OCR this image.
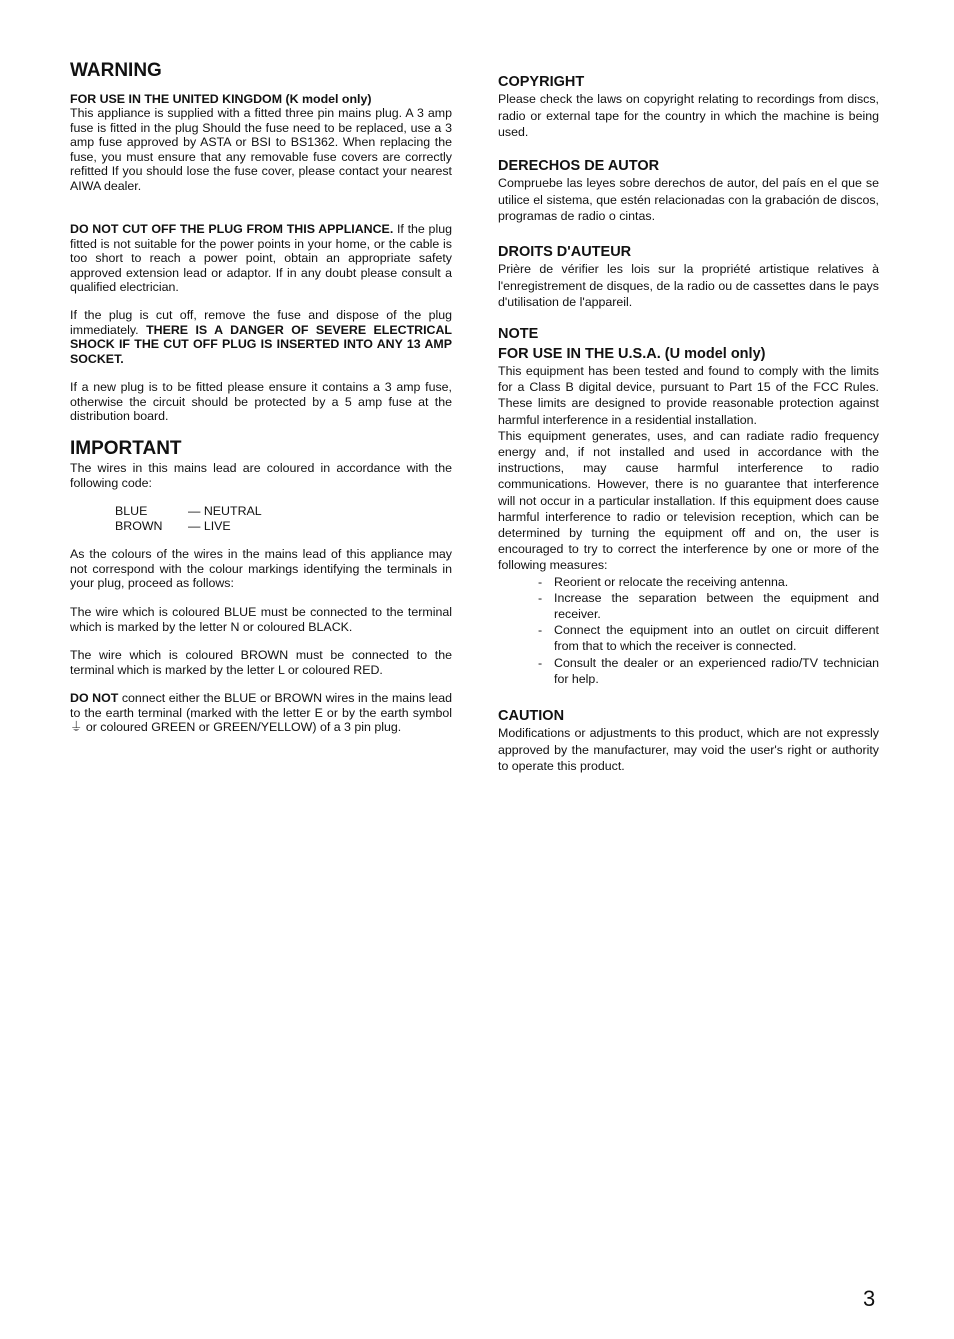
WARNING
FOR USE IN THE UNITED KINGDOM (K model only)

This appliance is supplied with a fitted three pin mains plug. A 3 amp fuse is fitted in the plug Should the fuse need to be replaced, use a 3 amp fuse approved by ASTA or BSI to BS1362. When replacing the fuse, you must ensure that any removable fuse covers are correctly refitted If you should lose the fuse cover, please contact your nearest AIWA dealer.

DO NOT CUT OFF THE PLUG FROM THIS APPLIANCE. If the plug fitted is not suitable for the power points in your home, or the cable is too short to reach a power point, obtain an appropriate safety approved extension lead or adaptor. If in any doubt please consult a qualified electrician.

If the plug is cut off, remove the fuse and dispose of the plug immediately. THERE IS A DANGER OF SEVERE ELECTRICAL SHOCK IF THE CUT OFF PLUG IS INSERTED INTO ANY 13 AMP SOCKET.

If a new plug is to be fitted please ensure it contains a 3 amp fuse, otherwise the circuit should be protected by a 5 amp fuse at the distribution board.

IMPORTANT

The wires in this mains lead are coloured in accordance with the following code:

BLUE	— NEUTRAL
BROWN — LIVE

As the colours of the wires in the mains lead of this appliance may not correspond with the colour markings identifying the terminals in your plug, proceed as follows:

The wire which is coloured BLUE must be connected to the terminal which is marked by the letter N or coloured BLACK.

The wire which is coloured BROWN must be connected to the terminal which is marked by the letter L or coloured RED.

DO NOT connect either the BLUE or BROWN wires in the mains lead to the earth terminal (marked with the letter E or by the earth symbol ⏚ or coloured GREEN or GREEN/YELLOW) of a 3 pin plug.

COPYRIGHT

Please check the laws on copyright relating to recordings from discs, radio or external tape for the country in which the machine is being used.

DERECHOS DE AUTOR

Compruebe las leyes sobre derechos de autor, del país en el que se utilice el sistema, que estén relacionadas con la grabación de discos, programas de radio o cintas.

DROITS D'AUTEUR

Prière de vérifier les lois sur la propriété artistique relatives à l'enregistrement de disques, de la radio ou de cassettes dans le pays d'utilisation de l'appareil.

NOTE
FOR USE IN THE U.S.A. (U model only)

This equipment has been tested and found to comply with the limits for a Class B digital device, pursuant to Part 15 of the FCC Rules. These limits are designed to provide reasonable protection against harmful interference in a residential installation.

This equipment generates, uses, and can radiate radio frequency energy and, if not installed and used in accordance with the instructions, may cause harmful interference to radio communications. However, there is no guarantee that interference will not occur in a particular installation. If this equipment does cause harmful interference to radio or television reception, which can be determined by turning the equipment off and on, the user is encouraged to try to correct the interference by one or more of the following measures:

- Reorient or relocate the receiving antenna.
- Increase the separation between the equipment and receiver.
- Connect the equipment into an outlet on circuit different from that to which the receiver is connected.
- Consult the dealer or an experienced radio/TV technician for help.
CAUTION

Modifications or adjustments to this product, which are not expressly approved by the manufacturer, may void the user's right or authority to operate this product.

3
